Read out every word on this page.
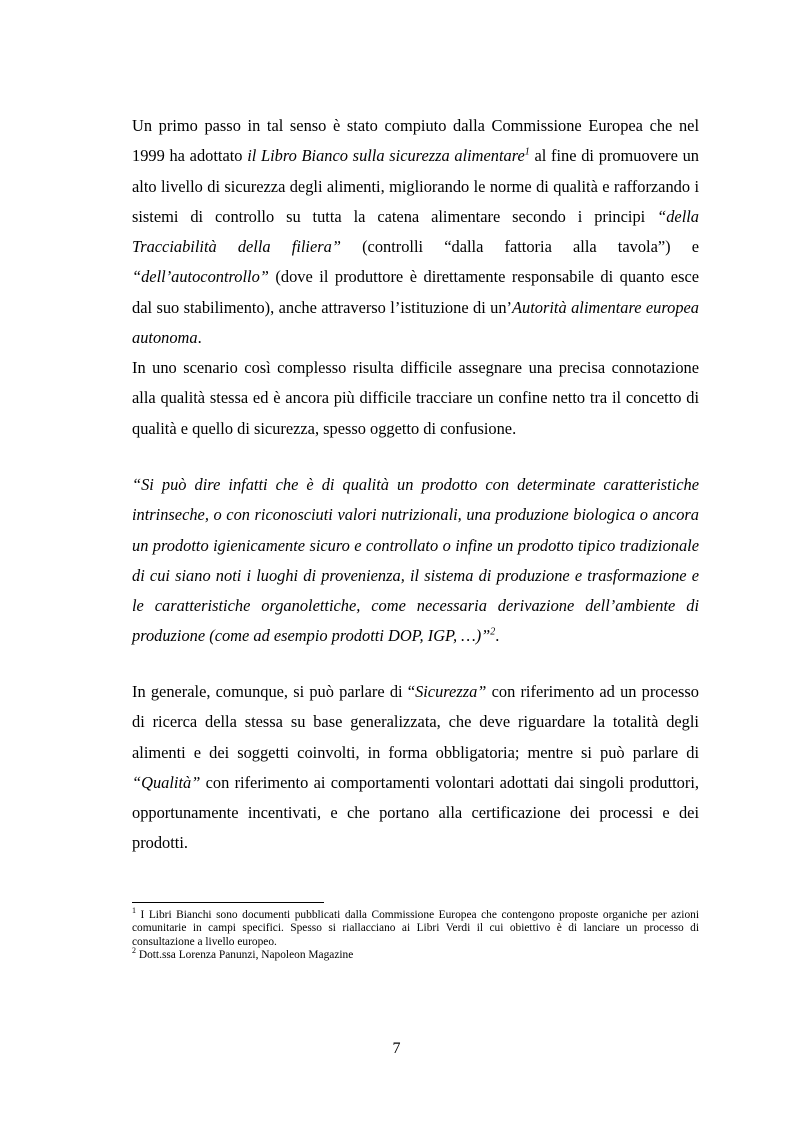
Un primo passo in tal senso è stato compiuto dalla Commissione Europea che nel 1999 ha adottato il Libro Bianco sulla sicurezza alimentare$^1$ al fine di promuovere un alto livello di sicurezza degli alimenti, migliorando le norme di qualità e rafforzando i sistemi di controllo su tutta la catena alimentare secondo i principi “della Tracciabilità della filiera” (controlli “dalla fattoria alla tavola”) e “dell’autocontrollo” (dove il produttore è direttamente responsabile di quanto esce dal suo stabilimento), anche attraverso l’istituzione di un’Autorità alimentare europea autonoma.

In uno scenario così complesso risulta difficile assegnare una precisa connotazione alla qualità stessa ed è ancora più difficile tracciare un confine netto tra il concetto di qualità e quello di sicurezza, spesso oggetto di confusione.

“Si può dire infatti che è di qualità un prodotto con determinate caratteristiche intrinseche, o con riconosciuti valori nutrizionali, una produzione biologica o ancora un prodotto igienicamente sicuro e controllato o infine un prodotto tipico tradizionale di cui siano noti i luoghi di provenienza, il sistema di produzione e trasformazione e le caratteristiche organolettiche, come necessaria derivazione dell’ambiente di produzione (come ad esempio prodotti DOP, IGP, …)”$^2$.

In generale, comunque, si può parlare di “Sicurezza” con riferimento ad un processo di ricerca della stessa su base generalizzata, che deve riguardare la totalità degli alimenti e dei soggetti coinvolti, in forma obbligatoria; mentre si può parlare di “Qualità” con riferimento ai comportamenti volontari adottati dai singoli produttori, opportunamente incentivati, e che portano alla certificazione dei processi e dei prodotti.

$^1$ I Libri Bianchi sono documenti pubblicati dalla Commissione Europea che contengono proposte organiche per azioni comunitarie in campi specifici. Spesso si riallacciano ai Libri Verdi il cui obiettivo è di lanciare un processo di consultazione a livello europeo.

$^2$ Dott.ssa Lorenza Panunzi, Napoleon Magazine

7
